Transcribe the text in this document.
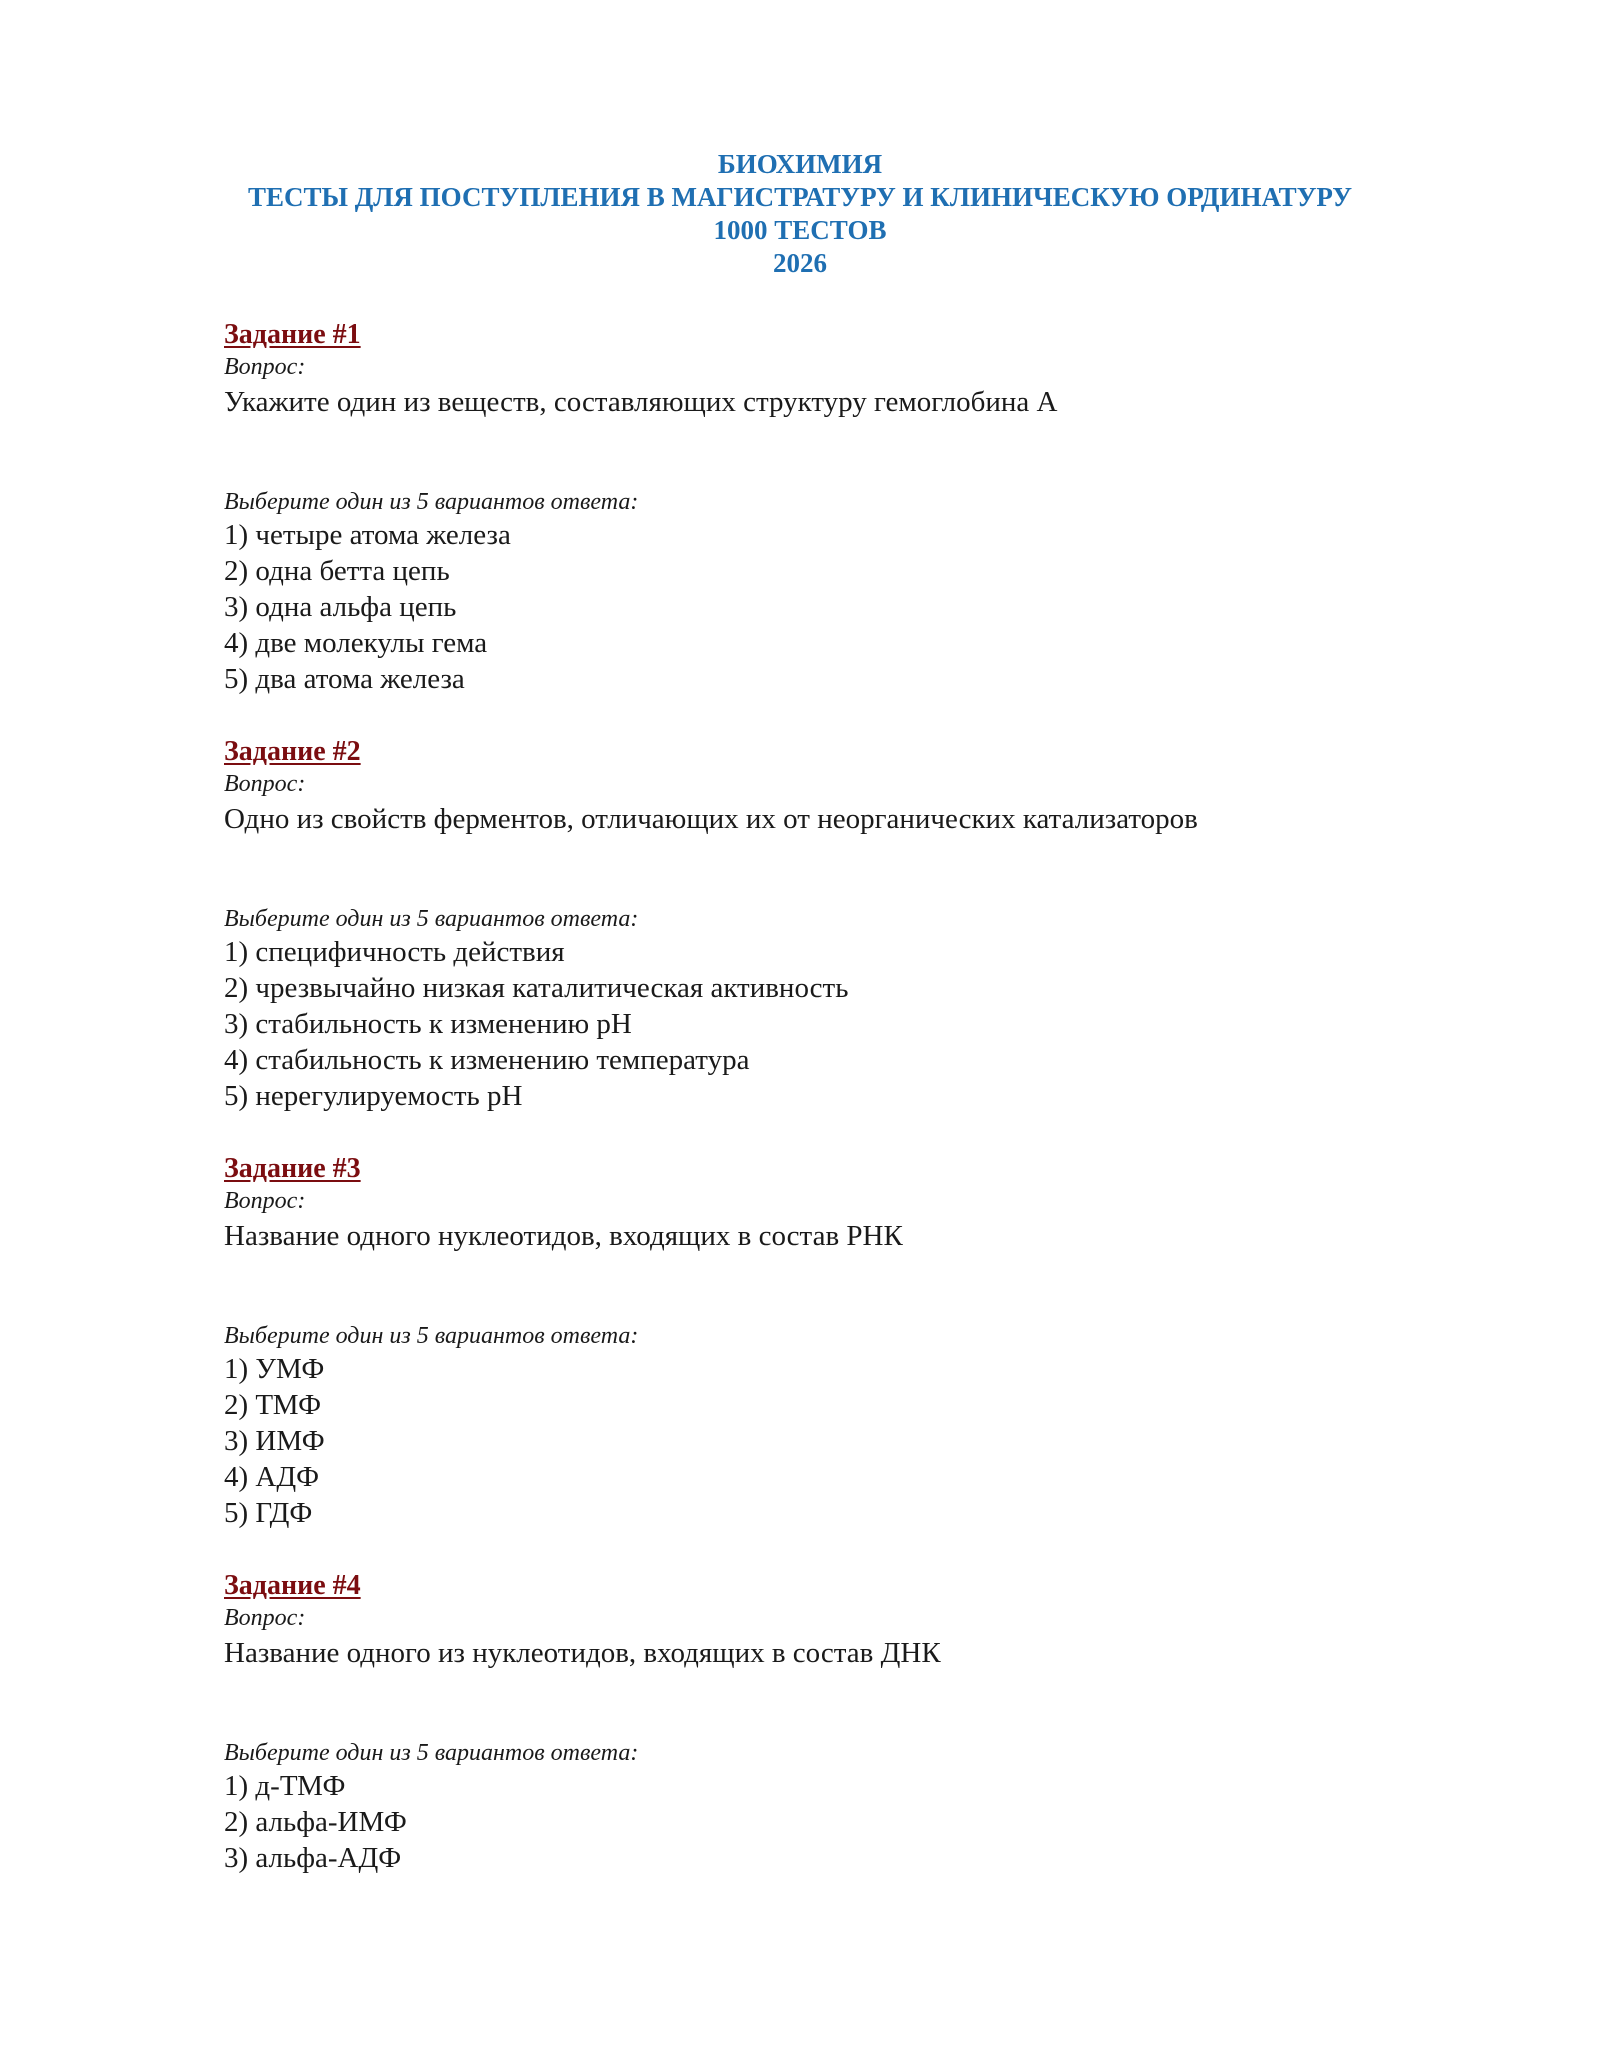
БИОХИМИЯ
ТЕСТЫ ДЛЯ ПОСТУПЛЕНИЯ В МАГИСТРАТУРУ И КЛИНИЧЕСКУЮ ОРДИНАТУРУ
1000 ТЕСТОВ
2026
Задание #1
Вопрос:
Укажите один из веществ, составляющих структуру гемоглобина А
Выберите один из 5 вариантов ответа:
1) четыре атома железа
2) одна бетта цепь
3) одна альфа цепь
4) две молекулы гема
5) два атома железа
Задание #2
Вопрос:
Одно из свойств ферментов, отличающих их от неорганических катализаторов
Выберите один из 5 вариантов ответа:
1) специфичность действия
2) чрезвычайно низкая каталитическая активность
3) стабильность к изменению pH
4) стабильность к изменению температура
5) нерегулируемость pH
Задание #3
Вопрос:
Название одного нуклеотидов, входящих в состав РНК
Выберите один из 5 вариантов ответа:
1) УМФ
2) ТМФ
3) ИМФ
4) АДФ
5) ГДФ
Задание #4
Вопрос:
Название одного из нуклеотидов, входящих в состав ДНК
Выберите один из 5 вариантов ответа:
1) д-ТМФ
2) альфа-ИМФ
3) альфа-АДФ
